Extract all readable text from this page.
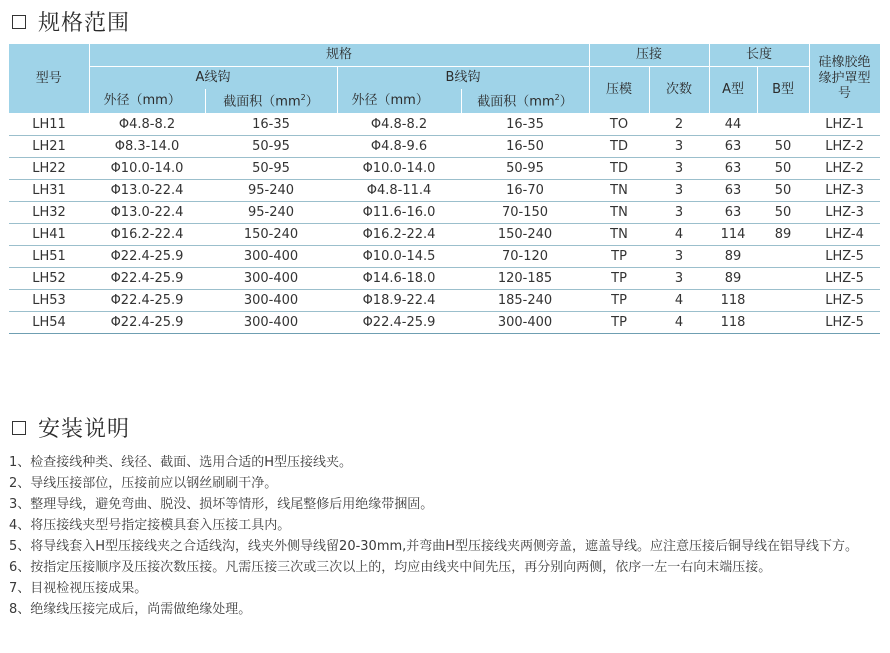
规格范围
型号	规格				压接		长度		硅橡胶绝缘护罩型号
	A线钩		B线钩		压模	次数	A型	B型	
	外径（mm）	截面积$(mm^2)$	外径（mm）	截面积$(mm^2)$					
LH11	Φ4.8-8.2	16-35	Φ4.8-8.2	16-35	TO	2	44		LHZ-1
LH21	Φ8.3-14.0	50-95	Φ4.8-9.6	16-50	TD	3	63	50	LHZ-2
LH22	Φ10.0-14.0	50-95	Φ10.0-14.0	50-95	TD	3	63	50	LHZ-2
LH31	Φ13.0-22.4	95-240	Φ4.8-11.4	16-70	TN	3	63	50	LHZ-3
LH32	Φ13.0-22.4	95-240	Φ11.6-16.0	70-150	TN	3	63	50	LHZ-3
LH41	Φ16.2-22.4	150-240	Φ16.2-22.4	150-240	TN	4	114	89	LHZ-4
LH51	Φ22.4-25.9	300-400	Φ10.0-14.5	70-120	TP	3	89		LHZ-5
LH52	Φ22.4-25.9	300-400	Φ14.6-18.0	120-185	TP	3	89		LHZ-5
LH53	Φ22.4-25.9	300-400	Φ18.9-22.4	185-240	TP	4	118		LHZ-5
LH54	Φ22.4-25.9	300-400	Φ22.4-25.9	300-400	TP	4	118		LHZ-5
安装说明
1、检查接线种类、线径、截面、选用合适的H型压接线夹。
2、导线压接部位，压接前应以钢丝刷刷干净。
3、整理导线，避免弯曲、脱没、损坏等情形，线尾整修后用绝缘带捆固。
4、将压接线夹型号指定接模具套入压接工具内。
5、将导线套入H型压接线夹之合适线沟，线夹外侧导线留20-30mm,并弯曲H型压接线夹两侧旁盖，遮盖导线。应注意压接后铜导线在铝导线下方。
6、按指定压接顺序及压接次数压接。凡需压接三次或三次以上的，均应由线夹中间先压，再分别向两侧，依序一左一右向末端压接。
7、目视检视压接成果。
8、绝缘线压接完成后，尚需做绝缘处理。
